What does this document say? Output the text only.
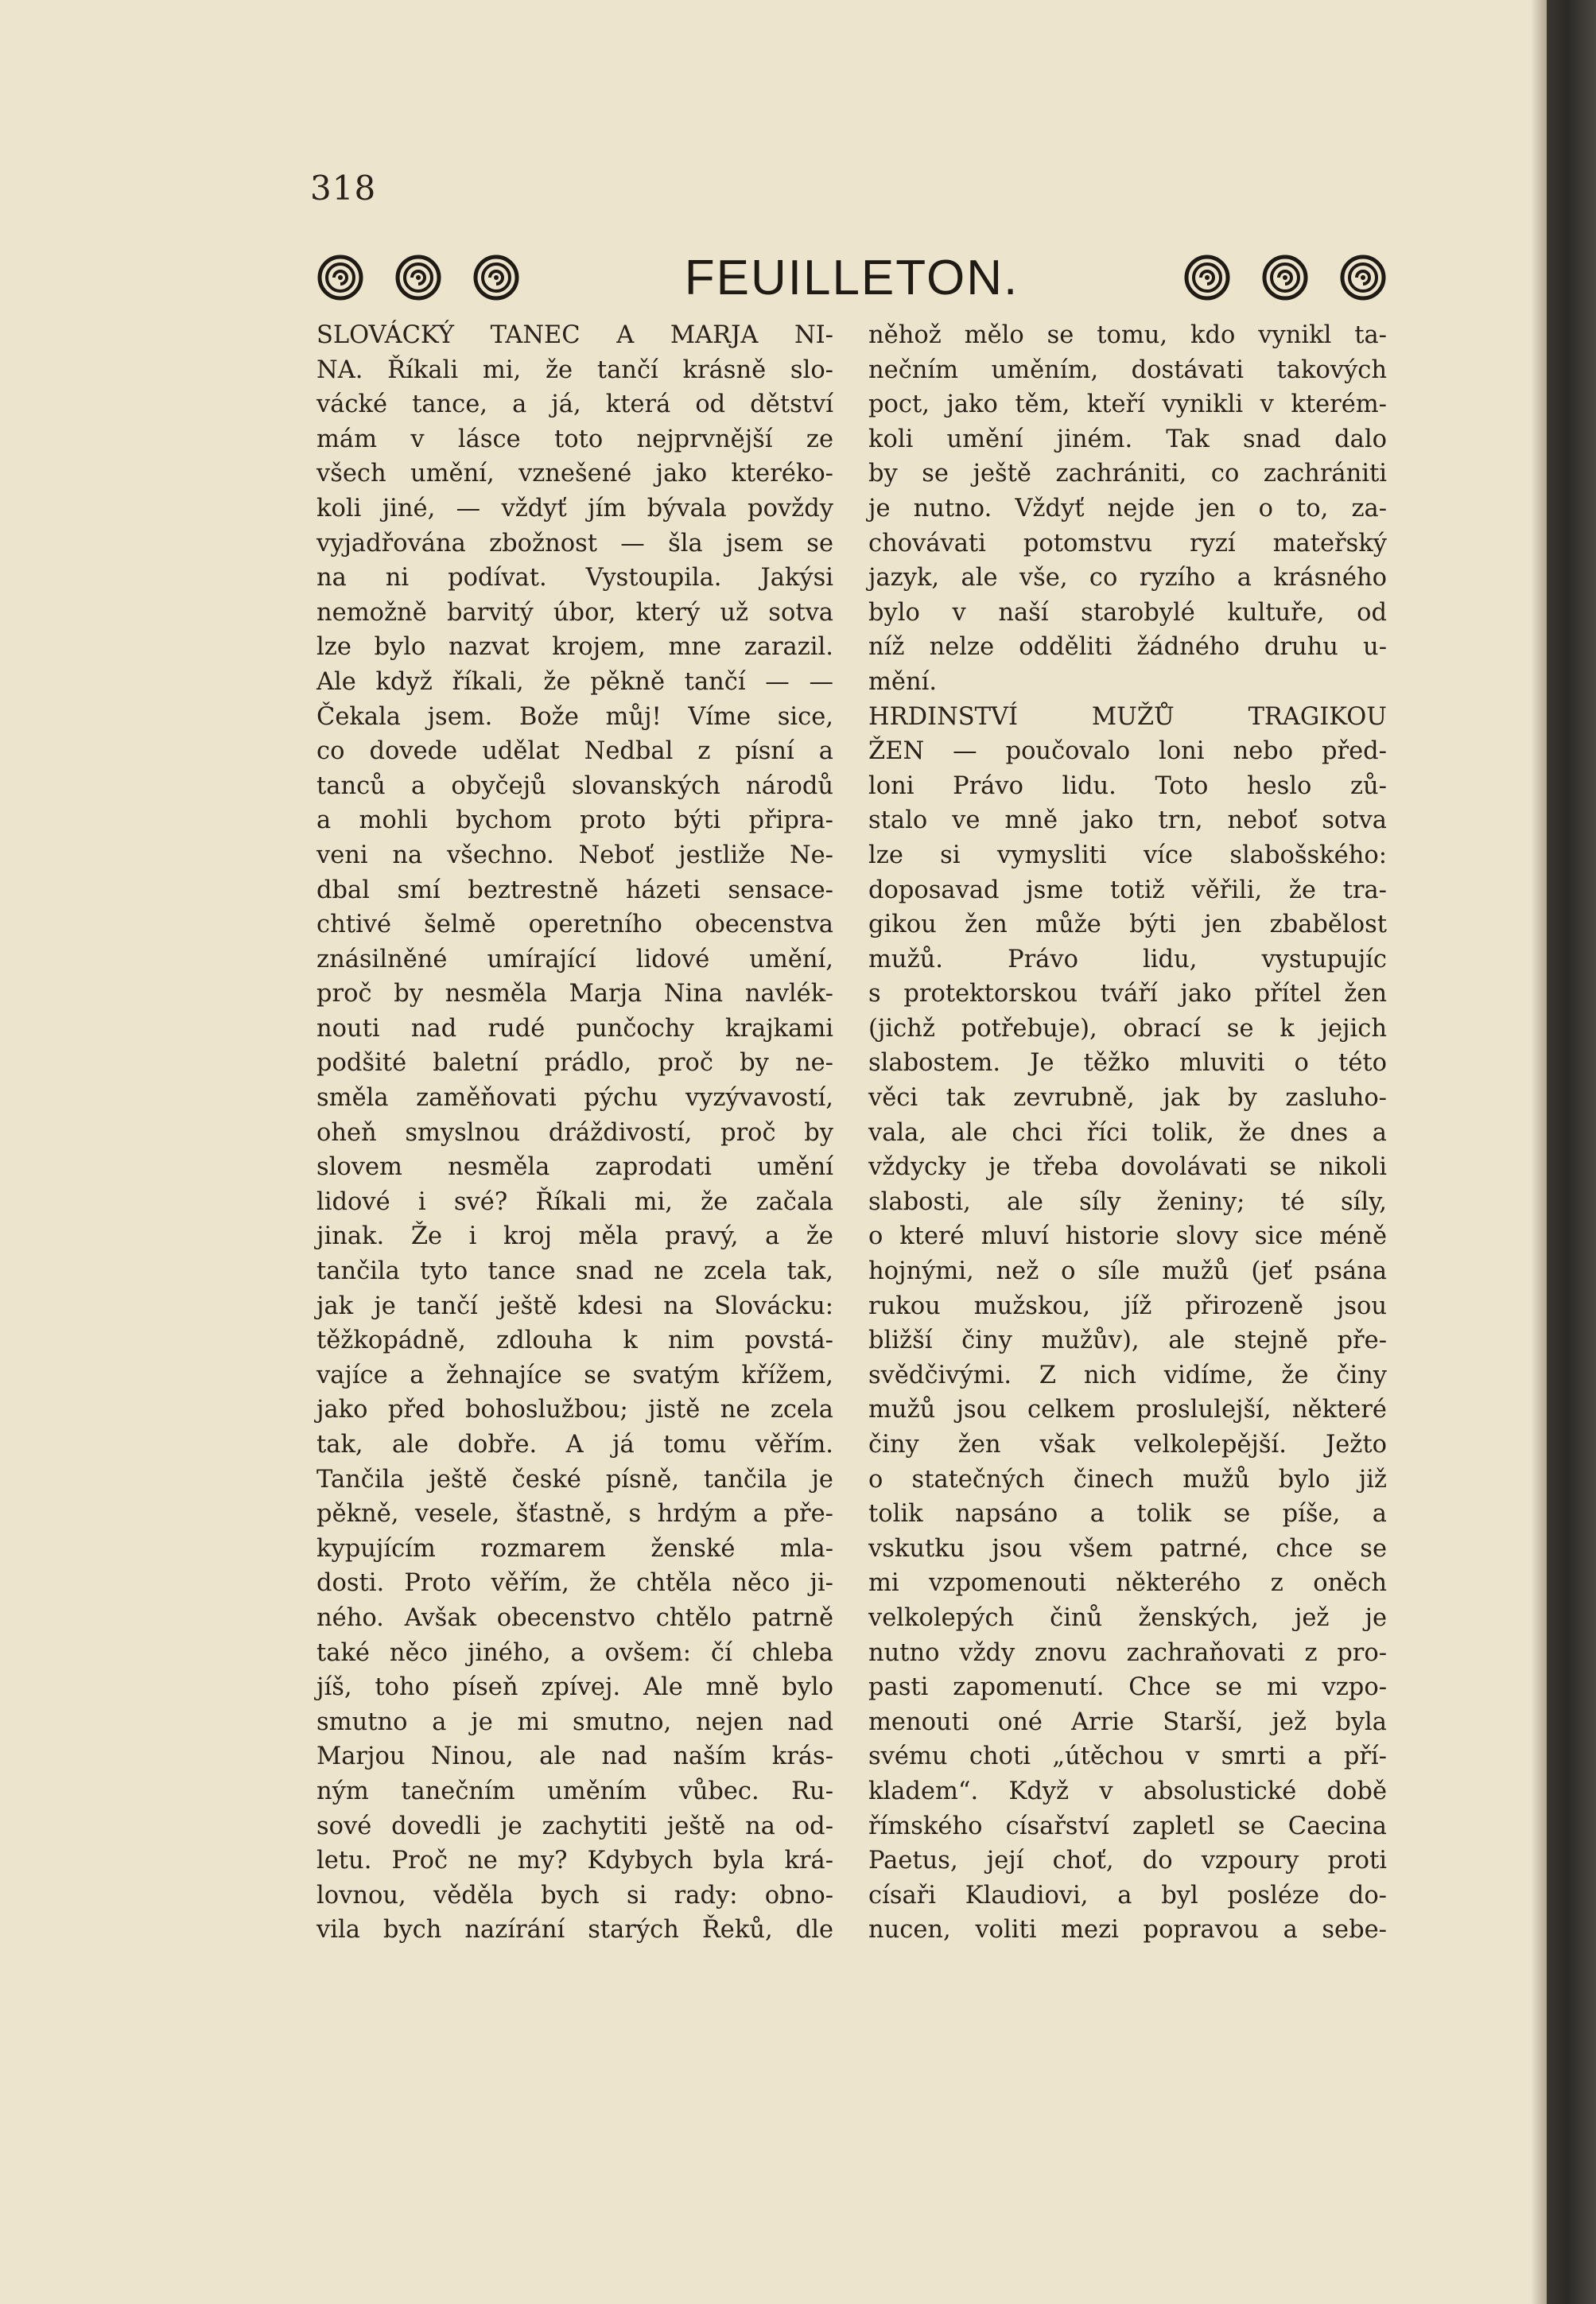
318
FEUILLETON.
SLOVÁCKÝ TANEC A MARJA NI-
NA. Říkali mi, že tančí krásně slo-
vácké tance, a já, která od dětství
mám v lásce toto nejprvnější ze
všech umění, vznešené jako kteréko-
koli jiné, — vždyť jím bývala povždy
vyjadřována zbožnost — šla jsem se
na ni podívat. Vystoupila. Jakýsi
nemožně barvitý úbor, který už sotva
lze bylo nazvat krojem, mne zarazil.
Ale když říkali, že pěkně tančí — —
Čekala jsem. Bože můj! Víme sice,
co dovede udělat Nedbal z písní a
tanců a obyčejů slovanských národů
a mohli bychom proto býti připra-
veni na všechno. Neboť jestliže Ne-
dbal smí beztrestně házeti sensace-
chtivé šelmě operetního obecenstva
znásilněné umírající lidové umění,
proč by nesměla Marja Nina navlék-
nouti nad rudé punčochy krajkami
podšité baletní prádlo, proč by ne-
směla zaměňovati pýchu vyzývavostí,
oheň smyslnou dráždivostí, proč by
slovem nesměla zaprodati umění
lidové i své? Říkali mi, že začala
jinak. Že i kroj měla pravý, a že
tančila tyto tance snad ne zcela tak,
jak je tančí ještě kdesi na Slovácku:
těžkopádně, zdlouha k nim povstá-
vajíce a žehnajíce se svatým křížem,
jako před bohoslužbou; jistě ne zcela
tak, ale dobře. A já tomu věřím.
Tančila ještě české písně, tančila je
pěkně, vesele, šťastně, s hrdým a pře-
kypujícím rozmarem ženské mla-
dosti. Proto věřím, že chtěla něco ji-
ného. Avšak obecenstvo chtělo patrně
také něco jiného, a ovšem: čí chleba
jíš, toho píseň zpívej. Ale mně bylo
smutno a je mi smutno, nejen nad
Marjou Ninou, ale nad naším krás-
ným tanečním uměním vůbec. Ru-
sové dovedli je zachytiti ještě na od-
letu. Proč ne my? Kdybych byla krá-
lovnou, věděla bych si rady: obno-
vila bych nazírání starých Řeků, dle
něhož mělo se tomu, kdo vynikl ta-
nečním uměním, dostávati takových
poct, jako těm, kteří vynikli v kterém-
koli umění jiném. Tak snad dalo
by se ještě zachrániti, co zachrániti
je nutno. Vždyť nejde jen o to, za-
chovávati potomstvu ryzí mateřský
jazyk, ale vše, co ryzího a krásného
bylo v naší starobylé kultuře, od
níž nelze odděliti žádného druhu u-
mění.
HRDINSTVÍ MUŽŮ TRAGIKOU
ŽEN — poučovalo loni nebo před-
loni Právo lidu. Toto heslo zů-
stalo ve mně jako trn, neboť sotva
lze si vymysliti více slabošského:
doposavad jsme totiž věřili, že tra-
gikou žen může býti jen zbabělost
mužů. Právo lidu, vystupujíc
s protektorskou tváří jako přítel žen
(jichž potřebuje), obrací se k jejich
slabostem. Je těžko mluviti o této
věci tak zevrubně, jak by zasluho-
vala, ale chci říci tolik, že dnes a
vždycky je třeba dovolávati se nikoli
slabosti, ale síly ženiny; té síly,
o které mluví historie slovy sice méně
hojnými, než o síle mužů (jeť psána
rukou mužskou, jíž přirozeně jsou
bližší činy mužův), ale stejně pře-
svědčivými. Z nich vidíme, že činy
mužů jsou celkem proslulejší, některé
činy žen však velkolepější. Ježto
o statečných činech mužů bylo již
tolik napsáno a tolik se píše, a
vskutku jsou všem patrné, chce se
mi vzpomenouti některého z oněch
velkolepých činů ženských, jež je
nutno vždy znovu zachraňovati z pro-
pasti zapomenutí. Chce se mi vzpo-
menouti oné Arrie Starší, jež byla
svému choti „útěchou v smrti a pří-
kladem“. Když v absolustické době
římského císařství zapletl se Caecina
Paetus, její choť, do vzpoury proti
císaři Klaudiovi, a byl posléze do-
nucen, voliti mezi popravou a sebe-
